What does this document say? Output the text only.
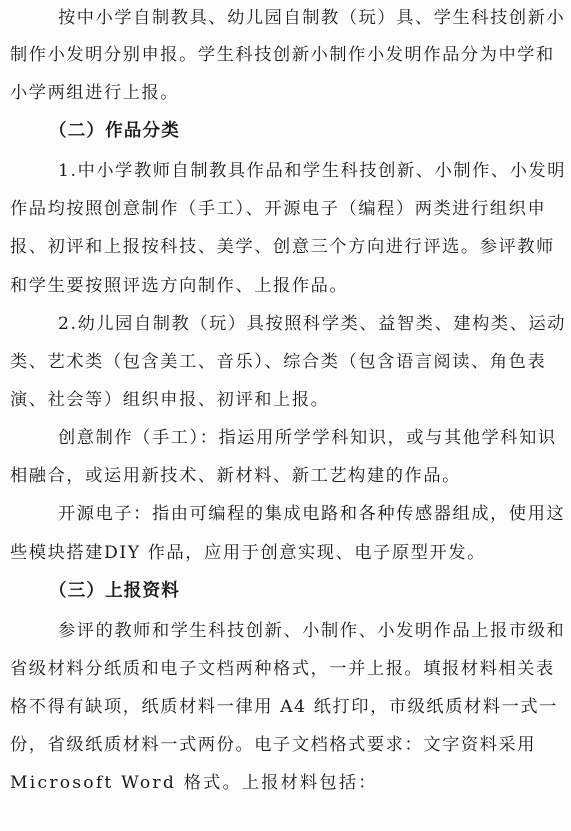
按中小学自制教具、幼儿园自制教（玩）具、学生科技创新小
制作小发明分别申报。学生科技创新小制作小发明作品分为中学和
小学两组进行上报。
（二）作品分类
1.中小学教师自制教具作品和学生科技创新、小制作、小发明
作品均按照创意制作（手工）、开源电子（编程）两类进行组织申
报、初评和上报按科技、美学、创意三个方向进行评选。参评教师
和学生要按照评选方向制作、上报作品。
2.幼儿园自制教（玩）具按照科学类、益智类、建构类、运动
类、艺术类（包含美工、音乐）、综合类（包含语言阅读、角色表
演、社会等）组织申报、初评和上报。
创意制作（手工）：指运用所学学科知识，或与其他学科知识
相融合，或运用新技术、新材料、新工艺构建的作品。
开源电子：指由可编程的集成电路和各种传感器组成，使用这
些模块搭建DIY 作品，应用于创意实现、电子原型开发。
（三）上报资料
参评的教师和学生科技创新、小制作、小发明作品上报市级和
省级材料分纸质和电子文档两种格式，一并上报。填报材料相关表
格不得有缺项，纸质材料一律用 A4 纸打印，市级纸质材料一式一
份，省级纸质材料一式两份。电子文档格式要求：文字资料采用
Microsoft Word 格式。上报材料包括：
